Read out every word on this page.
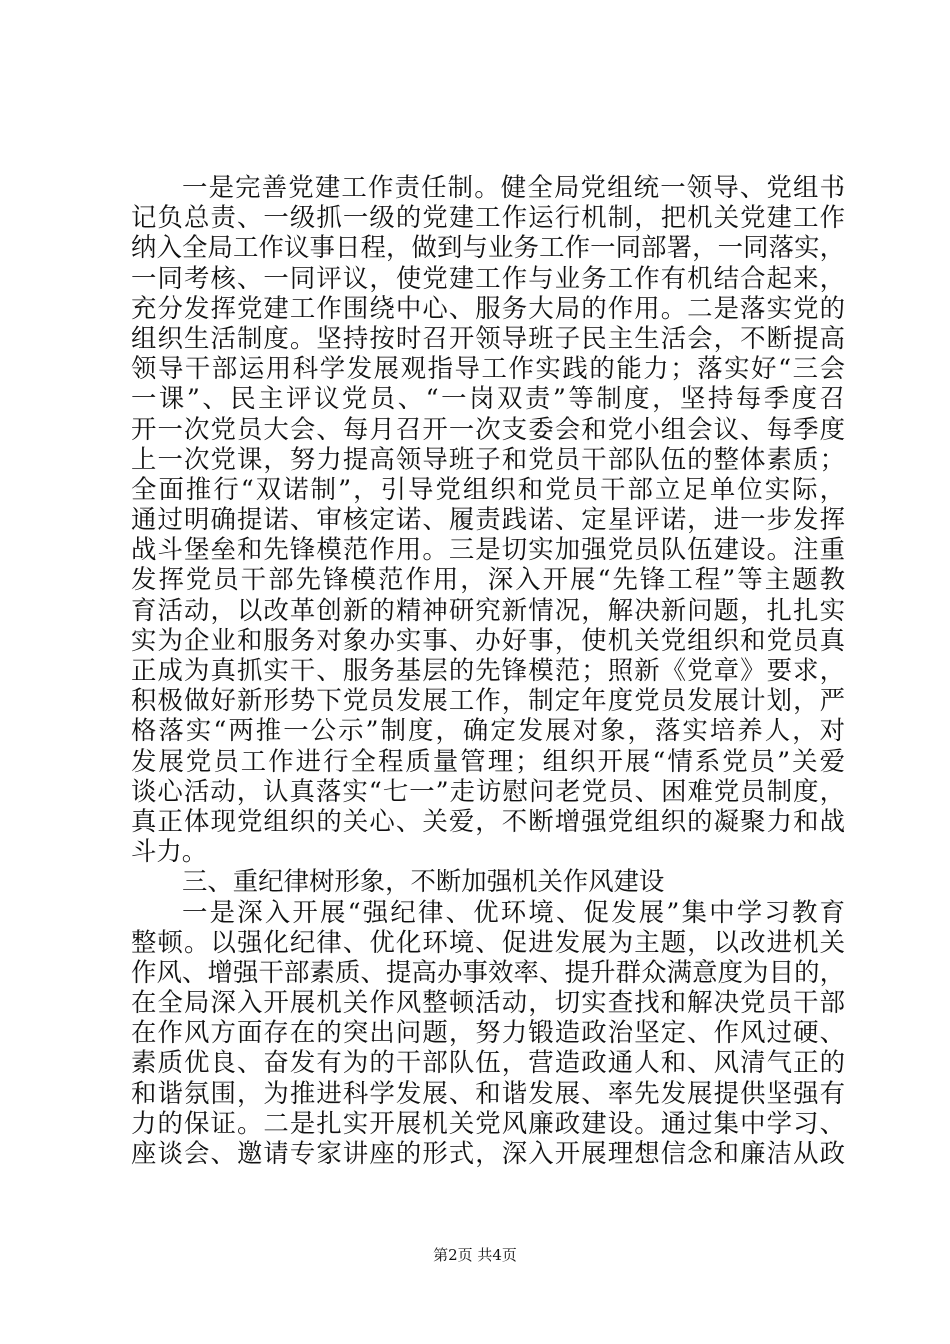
一是完善党建工作责任制。健全局党组统一领导、党组书
记负总责、一级抓一级的党建工作运行机制，把机关党建工作
纳入全局工作议事日程，做到与业务工作一同部署，一同落实，
一同考核、一同评议，使党建工作与业务工作有机结合起来，
充分发挥党建工作围绕中心、服务大局的作用。二是落实党的
组织生活制度。坚持按时召开领导班子民主生活会，不断提高
领导干部运用科学发展观指导工作实践的能力；落实好“三会
一课”、民主评议党员、“一岗双责”等制度，坚持每季度召
开一次党员大会、每月召开一次支委会和党小组会议、每季度
上一次党课，努力提高领导班子和党员干部队伍的整体素质；
全面推行“双诺制”，引导党组织和党员干部立足单位实际，
通过明确提诺、审核定诺、履责践诺、定星评诺，进一步发挥
战斗堡垒和先锋模范作用。三是切实加强党员队伍建设。注重
发挥党员干部先锋模范作用，深入开展“先锋工程”等主题教
育活动，以改革创新的精神研究新情况，解决新问题，扎扎实
实为企业和服务对象办实事、办好事，使机关党组织和党员真
正成为真抓实干、服务基层的先锋模范；照新《党章》要求，
积极做好新形势下党员发展工作，制定年度党员发展计划，严
格落实“两推一公示”制度，确定发展对象，落实培养人，对
发展党员工作进行全程质量管理；组织开展“情系党员”关爱
谈心活动，认真落实“七一”走访慰问老党员、困难党员制度，
真正体现党组织的关心、关爱，不断增强党组织的凝聚力和战
斗力。
三、重纪律树形象，不断加强机关作风建设
一是深入开展“强纪律、优环境、促发展”集中学习教育
整顿。以强化纪律、优化环境、促进发展为主题，以改进机关
作风、增强干部素质、提高办事效率、提升群众满意度为目的，
在全局深入开展机关作风整顿活动，切实查找和解决党员干部
在作风方面存在的突出问题，努力锻造政治坚定、作风过硬、
素质优良、奋发有为的干部队伍，营造政通人和、风清气正的
和谐氛围，为推进科学发展、和谐发展、率先发展提供坚强有
力的保证。二是扎实开展机关党风廉政建设。通过集中学习、
座谈会、邀请专家讲座的形式，深入开展理想信念和廉洁从政
第2页 共4页
